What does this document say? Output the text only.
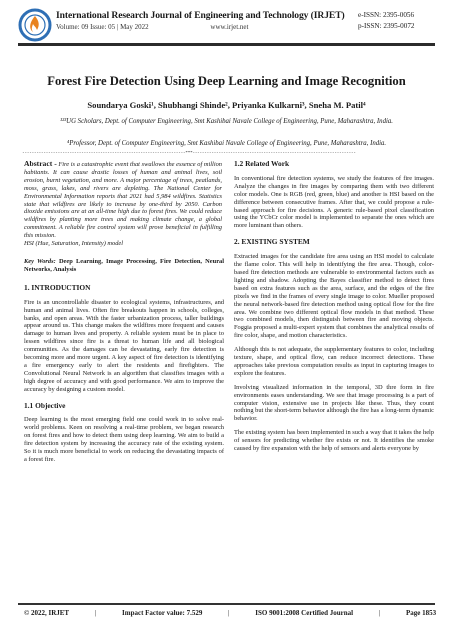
International Research Journal of Engineering and Technology (IRJET) e-ISSN: 2395-0056
p-ISSN: 2395-0072
Volume: 09 Issue: 05 | May 2022	www.irjet.net
Forest Fire Detection Using Deep Learning and Image Recognition
Soundarya Goski¹, Shubhangi Shinde², Priyanka Kulkarni³, Sneha M. Patil⁴
¹²³UG Scholars, Dept. of Computer Engineering, Smt Kashibai Navale College of Engineering, Pune, Maharashtra, India.
⁴Professor, Dept. of Computer Engineering, Smt Kashibai Navale College of Engineering, Pune, Maharashtra, India.
---------------------------------------------------------------------***---------------------------------------------------------------------
Abstract - Fire is a catastrophic event that swallows the essence of million habitants. It can cause drastic losses of human and animal lives, soil erosion, burnt vegetation, and more. A major percentage of trees, peatlands, moss, grass, lakes, and rivers are depleting. The National Center for Environmental Information reports that 2021 had 5,984 wildfires. Statistics state that wildfires are likely to increase by one-third by 2050. Carbon dioxide emissions are at an all-time high due to forest fires. We could reduce wildfires by planting more trees and making climate change, a global commitment. A reliable fire control system will prove beneficial in fulfilling this mission.
HSI (Hue, Saturation, Intensity) model
Key Words: Deep Learning, Image Processing, Fire Detection, Neural Networks, Analysis
1. INTRODUCTION

Fire is an uncontrollable disaster to ecological systems, infrastructures, and human and animal lives. Often fire breakouts happen in schools, colleges, banks, and open areas. With the faster urbanization process, taller buildings appear around us. This change makes the wildfires more frequent and causes damage to human lives and property. A reliable system must be in place to lessen wildfires since fire is a threat to human life and all biological communities. As the damages can be devastating, early fire detection is becoming more and more urgent. A key aspect of fire detection is identifying a fire emergency early to alert the residents and firefighters. The Convolutional Neural Network is an algorithm that classifies images with a high degree of accuracy and with good performance. We aim to improve the accuracy by designing a custom model.

1.1 Objective

Deep learning is the most emerging field one could work in to solve real-world problems. Keen on resolving a real-time problem, we began research on forest fires and how to detect them using deep learning. We aim to build a fire detection system by increasing the accuracy rate of the existing system. So it is much more beneficial to work on reducing the devastating impacts of a forest fire.

1.2 Related Work

In conventional fire detection systems, we study the features of fire images. Analyze the changes in fire images by comparing them with two different color models. One is RGB (red, green, blue) and another is HSI based on the difference between consecutive frames. After that, we could propose a rule-based approach for fire decisions. A generic rule-based pixel classification using the YCbCr color model is implemented to separate the ones which are more luminant than others.

2. EXISTING SYSTEM

Extracted images for the candidate fire area using an HSI model to calculate the flame color. This will help in identifying the fire area. Though, color-based fire detection methods are vulnerable to environmental factors such as lighting and shadow. Adopting the Bayes classifier method to detect fires based on extra features such as the area, surface, and the edges of the fire pixels we find in the frames of every single image to color. Mueller proposed the neural network-based fire detection method using optical flow for the fire area. We combine two different optical flow models in that method. These two combined models, then distinguish between fire and moving objects. Foggia proposed a multi-expert system that combines the analytical results of fire color, shape, and motion characteristics.

Although this is not adequate, the supplementary features to color, including texture, shape, and optical flow, can reduce incorrect detections. These approaches take previous computation results as input in capturing images to explore the features.

Involving visualized information in the temporal, 3D thre form in fire environments eases understanding. We see that image processing is a part of computer vision, extensive use in projects like these. Thus, they count nothing but the short-term behavior although the fire has a long-term dynamic behavior.

The existing system has been implemented in such a way that it takes the help of sensors for predicting whether fire exists or not. It identifies the smoke caused by fire expansion with the help of sensors and alerts everyone by

© 2022, IRJET	|	Impact Factor value: 7.529	|	ISO 9001:2008 Certified Journal	|	Page 1853
